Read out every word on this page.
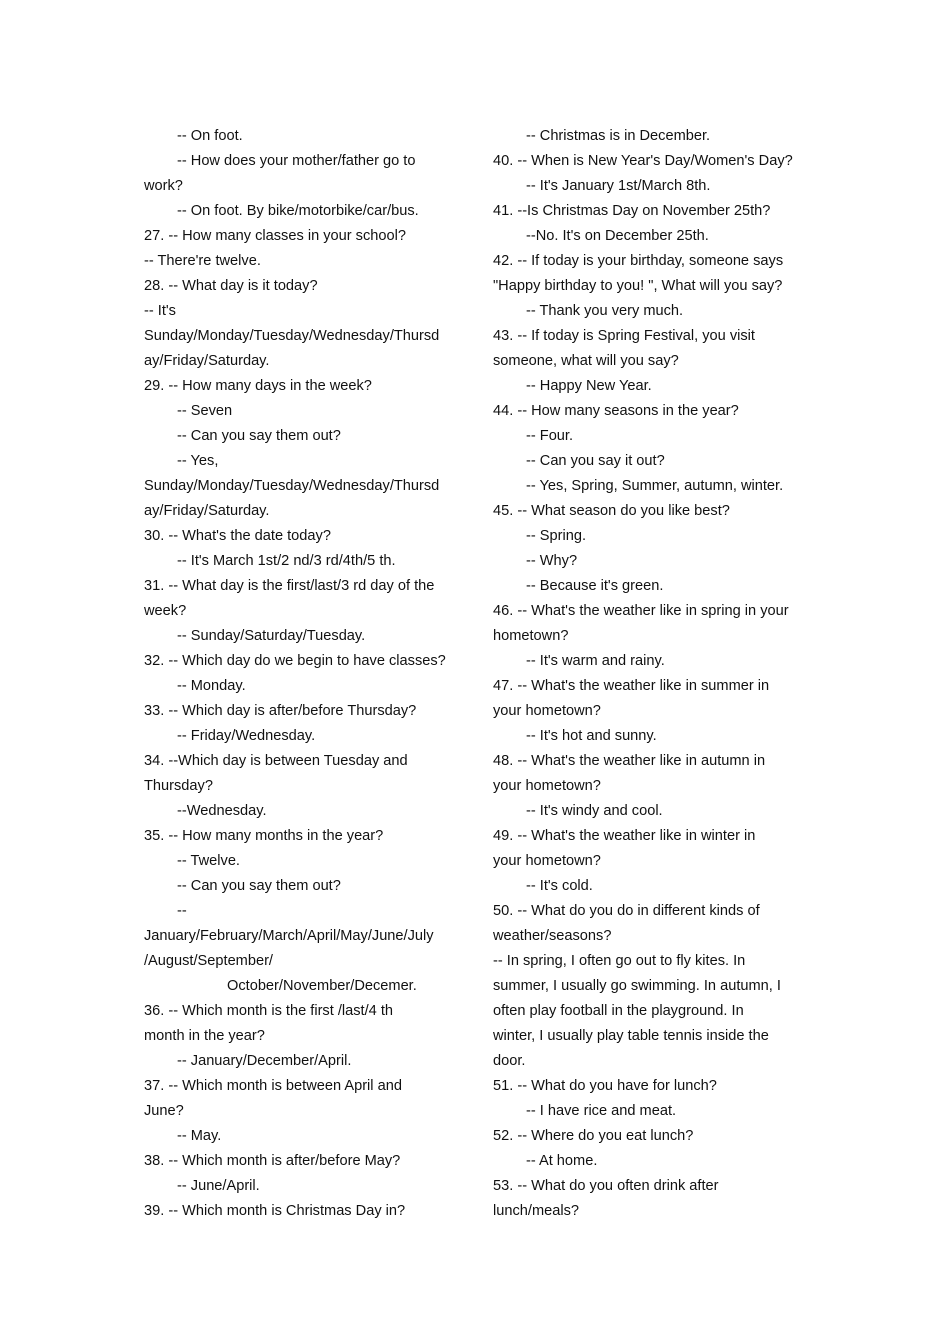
-- On foot.
-- How does your mother/father go to
work?
-- On foot. By bike/motorbike/car/bus.
27. -- How many classes in your school?
-- There're twelve.
28. -- What day is it today?
-- It's
Sunday/Monday/Tuesday/Wednesday/Thursd
ay/Friday/Saturday.
29. -- How many days in the week?
-- Seven
-- Can you say them out?
-- Yes,
Sunday/Monday/Tuesday/Wednesday/Thursd
ay/Friday/Saturday.
30. -- What's the date today?
-- It's March 1st/2 nd/3 rd/4th/5 th.
31. -- What day is the first/last/3 rd day of the
week?
-- Sunday/Saturday/Tuesday.
32. -- Which day do we begin to have classes?
-- Monday.
33. -- Which day is after/before Thursday?
-- Friday/Wednesday.
34. --Which day is between Tuesday and
Thursday?
--Wednesday.
35. -- How many months in the year?
-- Twelve.
-- Can you say them out?
--
January/February/March/April/May/June/July
/August/September/
October/November/Decemer.
36. -- Which month is the first /last/4 th
month in the year?
-- January/December/April.
37. -- Which month is between April and
June?
-- May.
38. -- Which month is after/before May?
-- June/April.
39. -- Which month is Christmas Day in?
-- Christmas is in December.
40. -- When is New Year's Day/Women's Day?
-- It's January 1st/March 8th.
41. --Is Christmas Day on November 25th?
--No. It's on December 25th.
42. -- If today is your birthday, someone says
"Happy birthday to you! ", What will you say?
-- Thank you very much.
43. -- If today is Spring Festival, you visit
someone, what will you say?
-- Happy New Year.
44. -- How many seasons in the year?
-- Four.
-- Can you say it out?
-- Yes, Spring, Summer, autumn, winter.
45. -- What season do you like best?
-- Spring.
-- Why?
-- Because it's green.
46. -- What's the weather like in spring in your
hometown?
-- It's warm and rainy.
47. -- What's the weather like in summer in
your hometown?
-- It's hot and sunny.
48. -- What's the weather like in autumn in
your hometown?
-- It's windy and cool.
49. -- What's the weather like in winter in
your hometown?
-- It's cold.
50. -- What do you do in different kinds of
weather/seasons?
-- In spring, I often go out to fly kites. In
summer, I usually go swimming. In autumn, I
often play football in the playground. In
winter, I usually play table tennis inside the
door.
51. -- What do you have for lunch?
-- I have rice and meat.
52. -- Where do you eat lunch?
-- At home.
53. -- What do you often drink after
lunch/meals?
